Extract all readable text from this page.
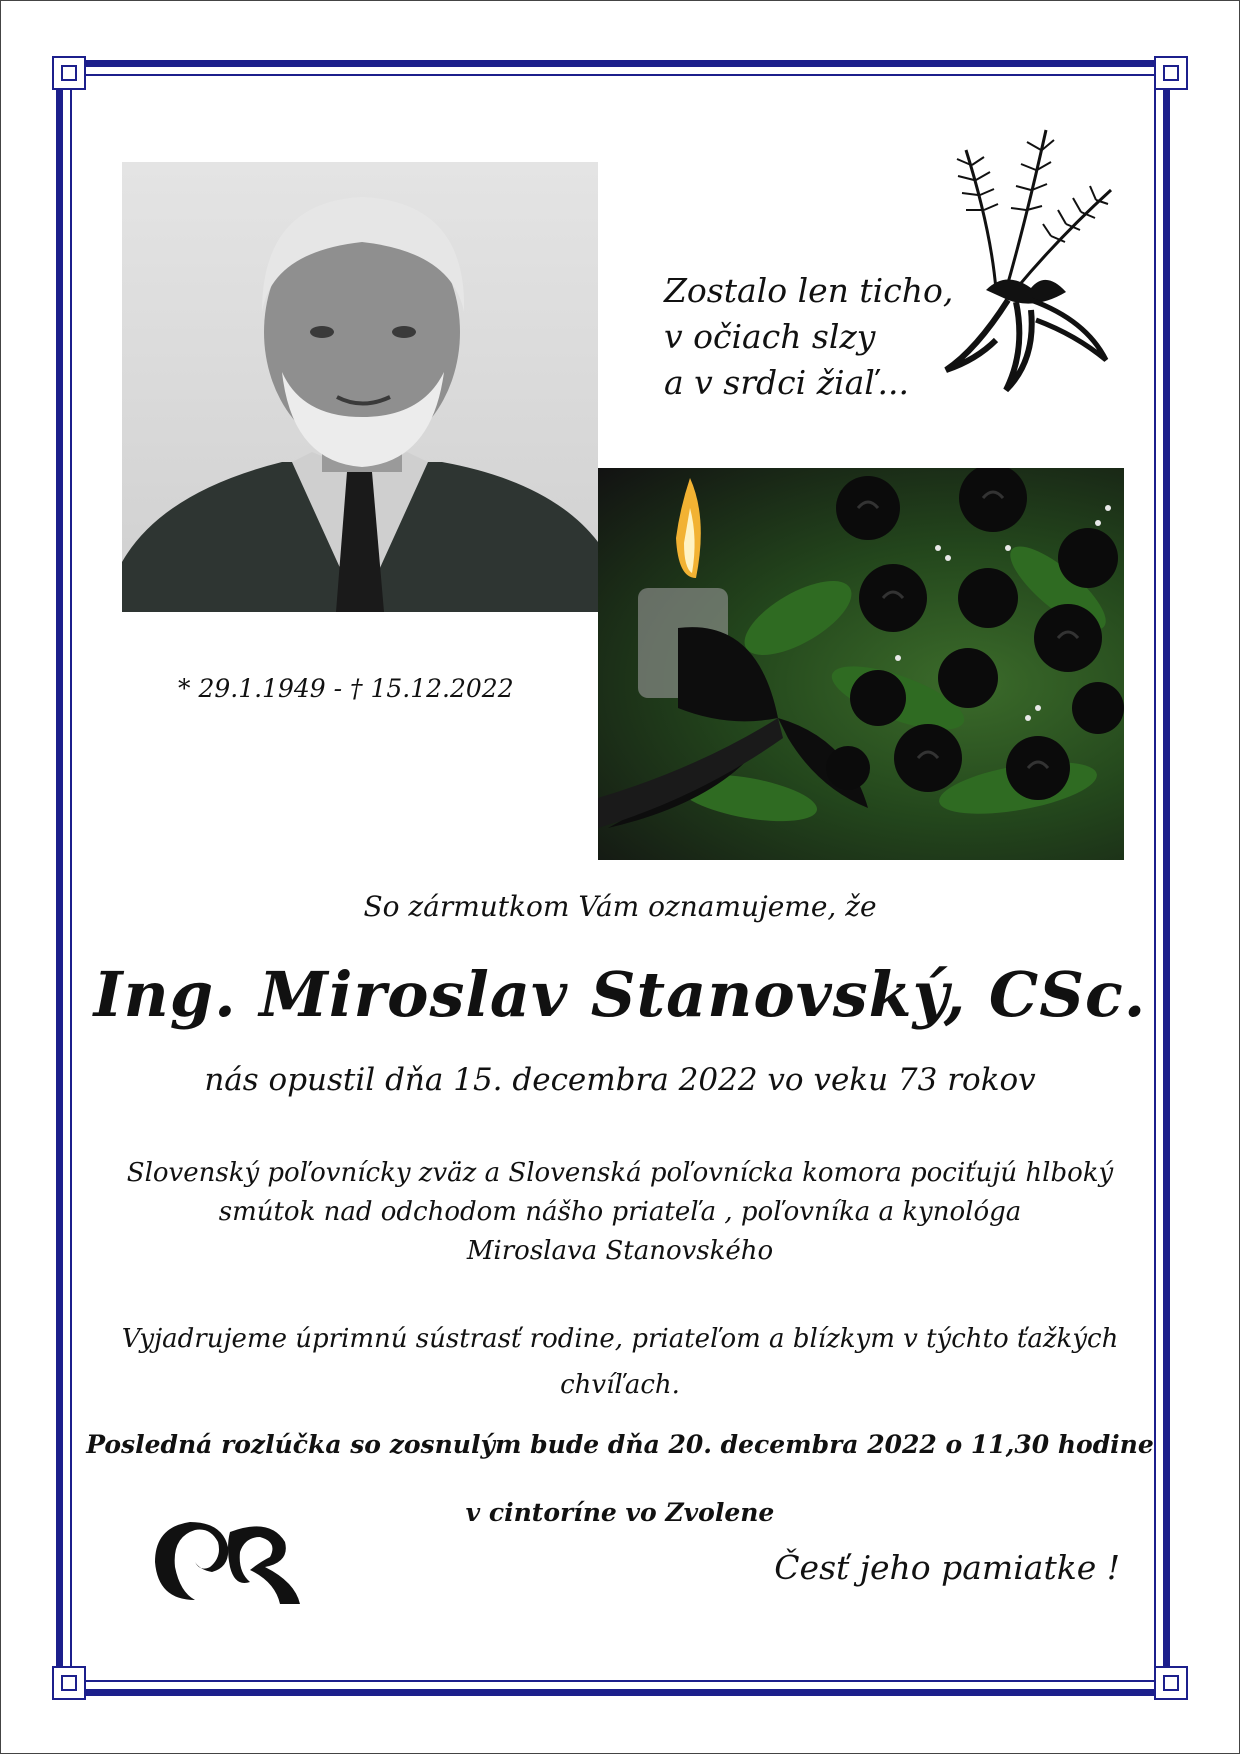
Zostalo len ticho,
v očiach slzy
a v srdci žiaľ...
* 29.1.1949 - † 15.12.2022
So zármutkom Vám oznamujeme, že
Ing. Miroslav Stanovský, CSc.
nás opustil dňa 15. decembra 2022 vo veku 73 rokov
Slovenský poľovnícky zväz a Slovenská poľovnícka komora pociťujú hlboký
smútok nad odchodom nášho priateľa , poľovníka a kynológa
Miroslava Stanovského
Vyjadrujeme úprimnú sústrasť rodine, priateľom a blízkym v týchto ťažkých
chvíľach.
Posledná rozlúčka so zosnulým bude dňa 20. decembra 2022 o 11,30 hodine
v cintoríne vo Zvolene
Česť jeho pamiatke !
